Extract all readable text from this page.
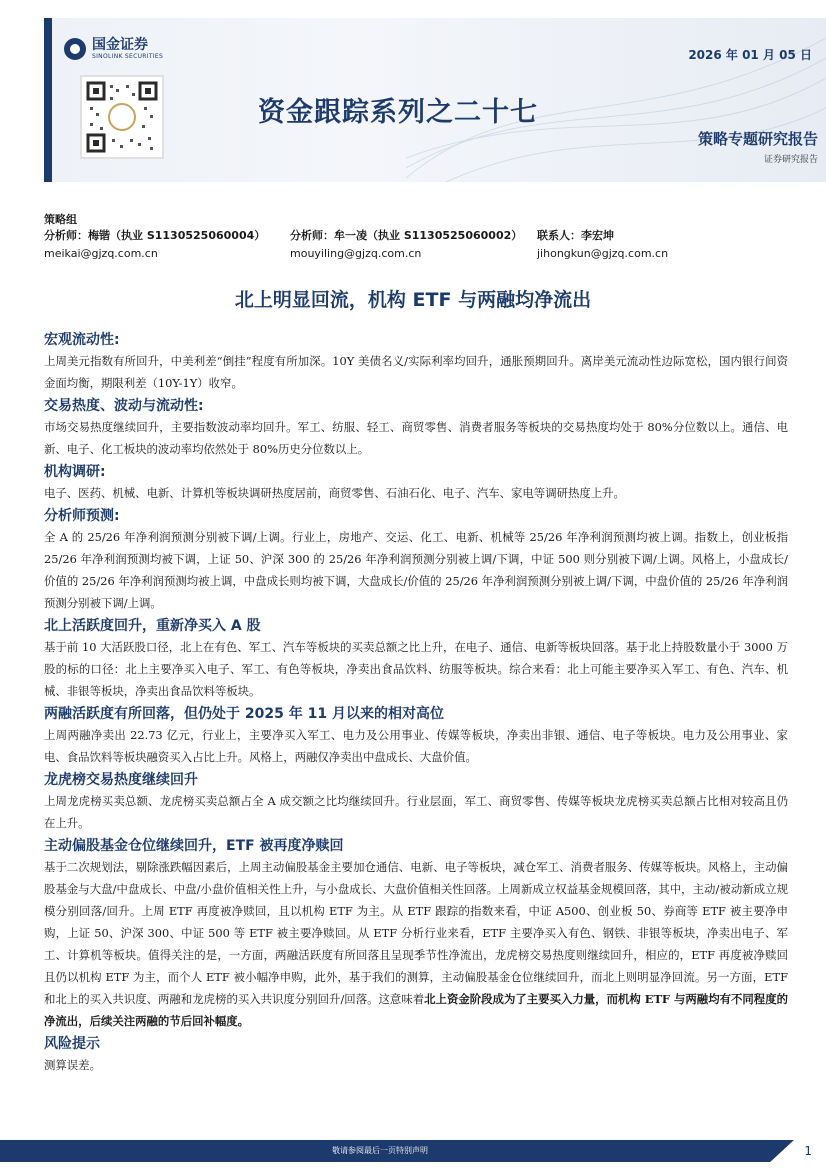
国金证券
SINOLINK SECURITIES	2026 年 01 月 05 日
资金跟踪系列之二十七
策略专题研究报告
证券研究报告
策略组
分析师：梅锴（执业 S1130525060004）
meikai@gjzq.com.cn
分析师：牟一凌（执业 S1130525060002）
mouyiling@gjzq.com.cn
联系人：李宏坤
jihongkun@gjzq.com.cn
北上明显回流，机构 ETF 与两融均净流出
宏观流动性:

上周美元指数有所回升，中美利差“倒挂”程度有所加深。10Y 美债名义/实际利率均回升，通胀预期回升。离岸美元流动性边际宽松，国内银行间资金面均衡，期限利差（10Y-1Y）收窄。

交易热度、波动与流动性:

市场交易热度继续回升，主要指数波动率均回升。军工、纺服、轻工、商贸零售、消费者服务等板块的交易热度均处于 80%分位数以上。通信、电新、电子、化工板块的波动率均依然处于 80%历史分位数以上。

机构调研:

电子、医药、机械、电新、计算机等板块调研热度居前，商贸零售、石油石化、电子、汽车、家电等调研热度上升。

分析师预测:

全 A 的 25/26 年净利润预测分别被下调/上调。行业上，房地产、交运、化工、电新、机械等 25/26 年净利润预测均被上调。指数上，创业板指 25/26 年净利润预测均被下调，上证 50、沪深 300 的 25/26 年净利润预测分别被上调/下调，中证 500 则分别被下调/上调。风格上，小盘成长/价值的 25/26 年净利润预测均被上调，中盘成长则均被下调，大盘成长/价值的 25/26 年净利润预测分别被上调/下调，中盘价值的 25/26 年净利润预测分别被下调/上调。

北上活跃度回升，重新净买入 A 股

基于前 10 大活跃股口径，北上在有色、军工、汽车等板块的买卖总额之比上升，在电子、通信、电新等板块回落。基于北上持股数量小于 3000 万股的标的口径：北上主要净买入电子、军工、有色等板块，净卖出食品饮料、纺服等板块。综合来看：北上可能主要净买入军工、有色、汽车、机械、非银等板块，净卖出食品饮料等板块。

两融活跃度有所回落，但仍处于 2025 年 11 月以来的相对高位

上周两融净卖出 22.73 亿元，行业上，主要净买入军工、电力及公用事业、传媒等板块，净卖出非银、通信、电子等板块。电力及公用事业、家电、食品饮料等板块融资买入占比上升。风格上，两融仅净卖出中盘成长、大盘价值。

龙虎榜交易热度继续回升

上周龙虎榜买卖总额、龙虎榜买卖总额占全 A 成交额之比均继续回升。行业层面，军工、商贸零售、传媒等板块龙虎榜买卖总额占比相对较高且仍在上升。

主动偏股基金仓位继续回升，ETF 被再度净赎回

基于二次规划法，剔除涨跌幅因素后，上周主动偏股基金主要加仓通信、电新、电子等板块，减仓军工、消费者服务、传媒等板块。风格上，主动偏股基金与大盘/中盘成长、中盘/小盘价值相关性上升，与小盘成长、大盘价值相关性回落。上周新成立权益基金规模回落，其中，主动/被动新成立规模分别回落/回升。上周 ETF 再度被净赎回，且以机构 ETF 为主。从 ETF 跟踪的指数来看，中证 A500、创业板 50、券商等 ETF 被主要净申购，上证 50、沪深 300、中证 500 等 ETF 被主要净赎回。从 ETF 分析行业来看，ETF 主要净买入有色、钢铁、非银等板块，净卖出电子、军工、计算机等板块。值得关注的是，一方面，两融活跃度有所回落且呈现季节性净流出，龙虎榜交易热度则继续回升，相应的，ETF 再度被净赎回且仍以机构 ETF 为主，而个人 ETF 被小幅净申购，此外，基于我们的测算，主动偏股基金仓位继续回升，而北上则明显净回流。另一方面，ETF 和北上的买入共识度、两融和龙虎榜的买入共识度分别回升/回落。这意味着北上资金阶段成为了主要买入力量，而机构 ETF 与两融均有不同程度的净流出，后续关注两融的节后回补幅度。

风险提示

测算误差。

敬请参阅最后一页特别声明	1
